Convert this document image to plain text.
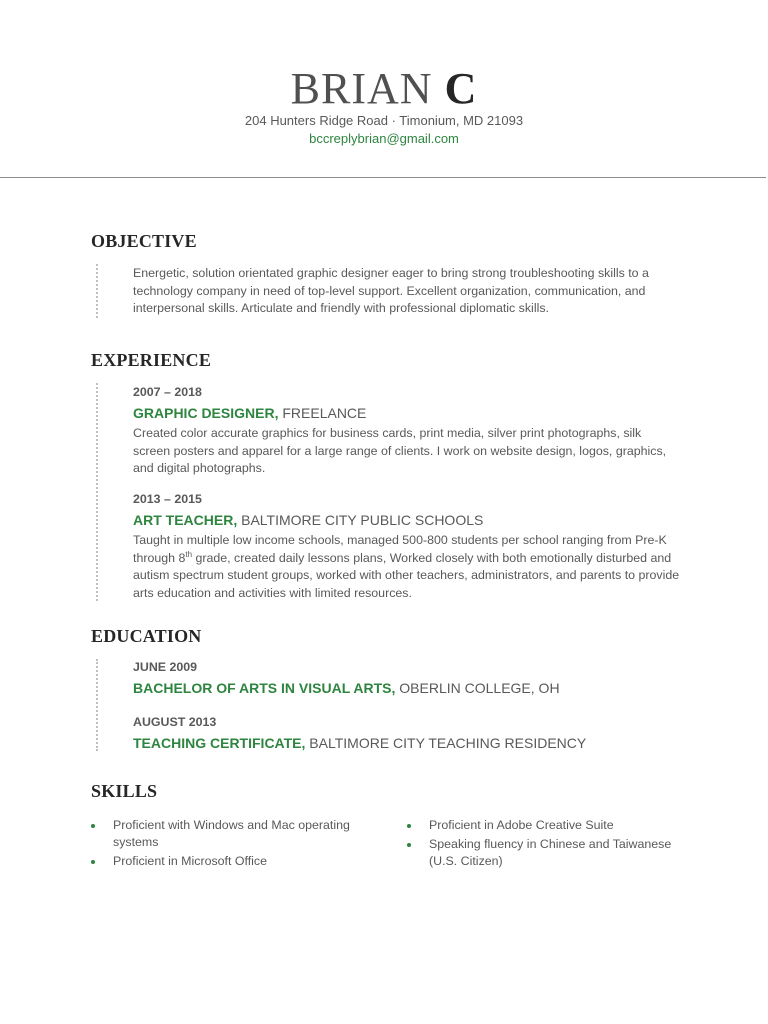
BRIAN C
204 Hunters Ridge Road · Timonium, MD 21093
bccreplybrian@gmail.com
OBJECTIVE

Energetic, solution orientated graphic designer eager to bring strong troubleshooting skills to a technology company in need of top-level support. Excellent organization, communication, and interpersonal skills. Articulate and friendly with professional diplomatic skills.

EXPERIENCE
2007 – 2018
GRAPHIC DESIGNER, FREELANCE

Created color accurate graphics for business cards, print media, silver print photographs, silk screen posters and apparel for a large range of clients. I work on website design, logos, graphics, and digital photographs.

2013 – 2015
ART TEACHER, BALTIMORE CITY PUBLIC SCHOOLS

Taught in multiple low income schools, managed 500-800 students per school ranging from Pre-K through 8th grade, created daily lessons plans, Worked closely with both emotionally disturbed and autism spectrum student groups, worked with other teachers, administrators, and parents to provide arts education and activities with limited resources.

EDUCATION
JUNE 2009
BACHELOR OF ARTS IN VISUAL ARTS, OBERLIN COLLEGE, OH
AUGUST 2013
TEACHING CERTIFICATE, BALTIMORE CITY TEACHING RESIDENCY
SKILLS
Proficient with Windows and Mac operating systems
Proficient in Microsoft Office
Proficient in Adobe Creative Suite
Speaking fluency in Chinese and Taiwanese (U.S. Citizen)
